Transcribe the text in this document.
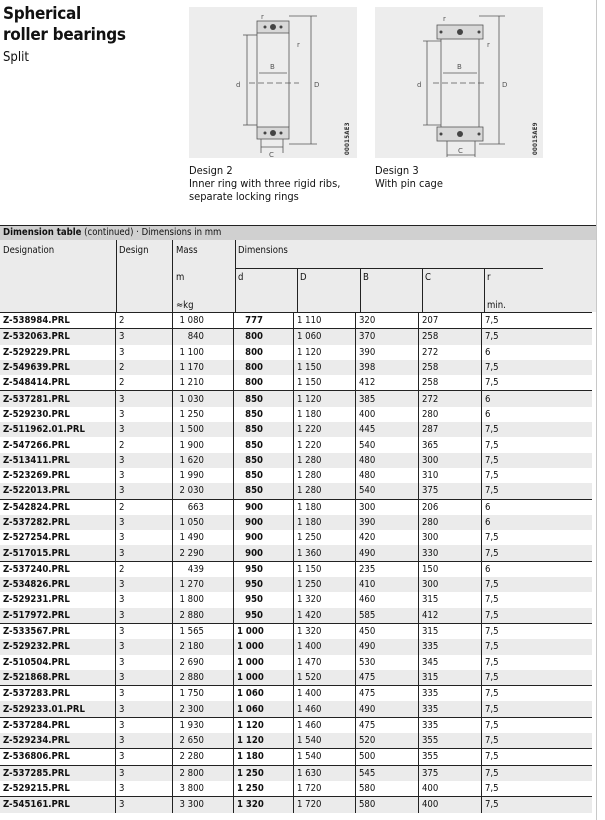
Spherical
roller bearings
Split
r
r
B
d	D
C	00015AE3
Design 2
Inner ring with three rigid ribs,
separate locking rings
r
r
B
d	D
C	00015AE9
Design 3
With pin cage
Dimension table (continued) · Dimensions in mm
Designation	Design	Mass
m
≈kg
Dimensions
d	D	B	C	r
min.
Z-538984.PRL	2	1 080	777	1 110	320	207	7,5	
Z-532063.PRL	3	840	800	1 060	370	258	7,5	
Z-529229.PRL	3	1 100	800	1 120	390	272	6	
Z-549639.PRL	2	1 170	800	1 150	398	258	7,5	
Z-548414.PRL	2	1 210	800	1 150	412	258	7,5	
Z-537281.PRL	3	1 030	850	1 120	385	272	6	
Z-529230.PRL	3	1 250	850	1 180	400	280	6	
Z-511962.01.PRL	3	1 500	850	1 220	445	287	7,5	
Z-547266.PRL	2	1 900	850	1 220	540	365	7,5	
Z-513411.PRL	3	1 620	850	1 280	480	300	7,5	
Z-523269.PRL	3	1 990	850	1 280	480	310	7,5	
Z-522013.PRL	3	2 030	850	1 280	540	375	7,5	
Z-542824.PRL	2	663	900	1 180	300	206	6	
Z-537282.PRL	3	1 050	900	1 180	390	280	6	
Z-527254.PRL	3	1 490	900	1 250	420	300	7,5	
Z-517015.PRL	3	2 290	900	1 360	490	330	7,5	
Z-537240.PRL	2	439	950	1 150	235	150	6	
Z-534826.PRL	3	1 270	950	1 250	410	300	7,5	
Z-529231.PRL	3	1 800	950	1 320	460	315	7,5	
Z-517972.PRL	3	2 880	950	1 420	585	412	7,5	
Z-533567.PRL	3	1 565	1 000	1 320	450	315	7,5	
Z-529232.PRL	3	2 180	1 000	1 400	490	335	7,5	
Z-510504.PRL	3	2 690	1 000	1 470	530	345	7,5	
Z-521868.PRL	3	2 880	1 000	1 520	475	315	7,5	
Z-537283.PRL	3	1 750	1 060	1 400	475	335	7,5	
Z-529233.01.PRL	3	2 300	1 060	1 460	490	335	7,5	
Z-537284.PRL	3	1 930	1 120	1 460	475	335	7,5	
Z-529234.PRL	3	2 650	1 120	1 540	520	355	7,5	
Z-536806.PRL	3	2 280	1 180	1 540	500	355	7,5	
Z-537285.PRL	3	2 800	1 250	1 630	545	375	7,5	
Z-529215.PRL	3	3 800	1 250	1 720	580	400	7,5	
Z-545161.PRL	3	3 300	1 320	1 720	580	400	7,5	
